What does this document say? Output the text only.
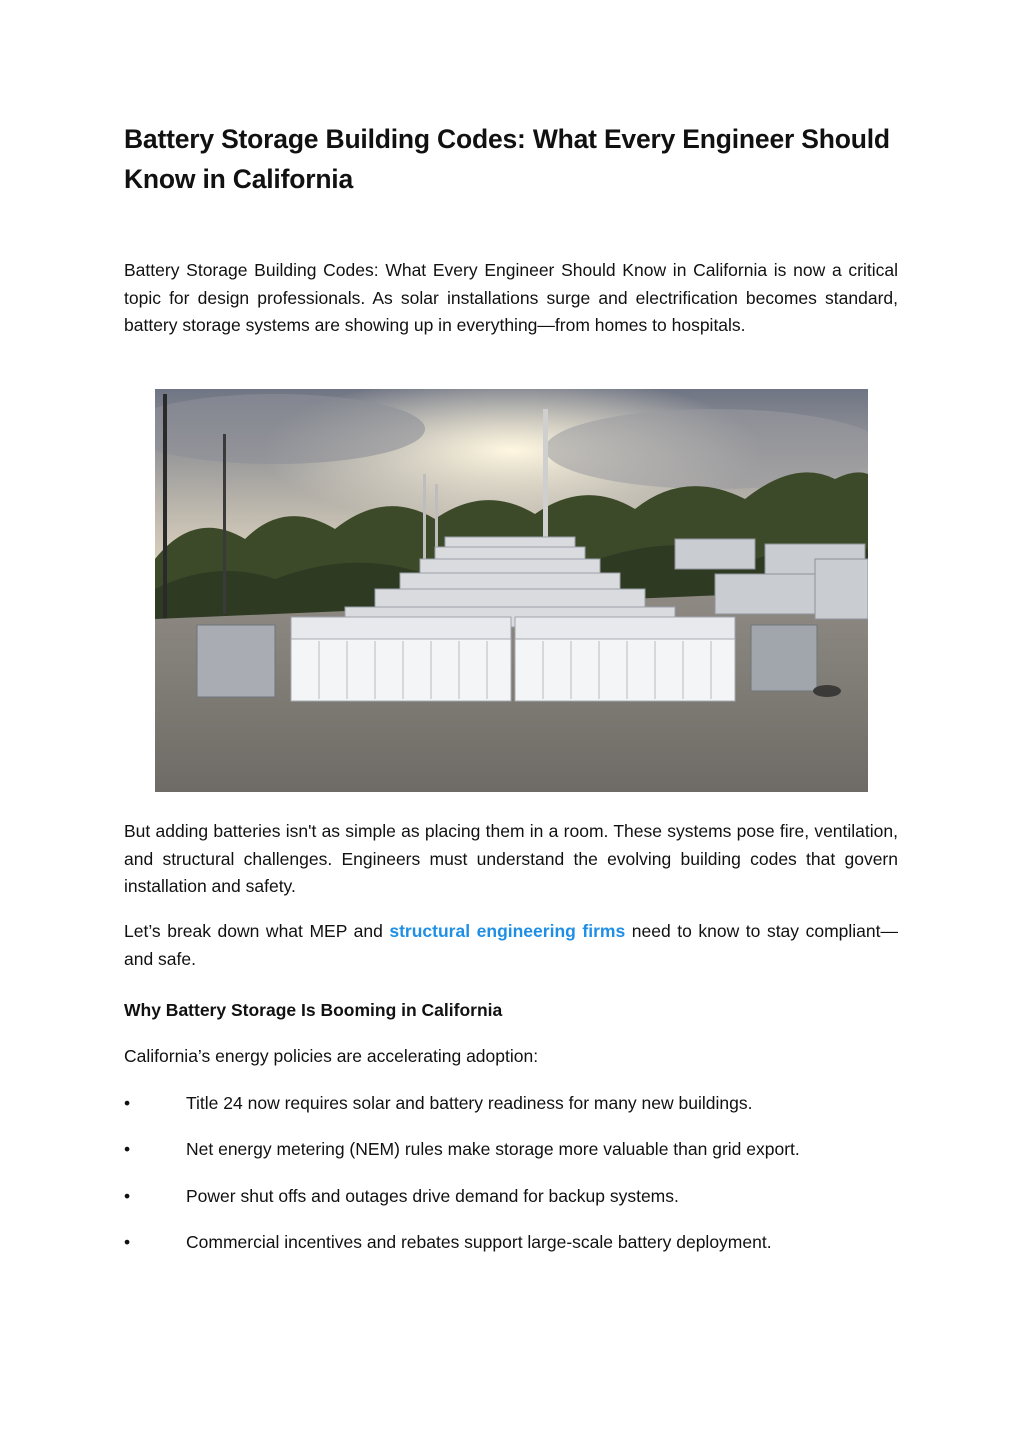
Battery Storage Building Codes: What Every Engineer Should Know in California

Battery Storage Building Codes: What Every Engineer Should Know in California is now a critical topic for design professionals. As solar installations surge and electrification becomes standard, battery storage systems are showing up in everything—from homes to hospitals.

But adding batteries isn't as simple as placing them in a room. These systems pose fire, ventilation, and structural challenges. Engineers must understand the evolving building codes that govern installation and safety.

Let’s break down what MEP and structural engineering firms need to know to stay compliant—and safe.

Why Battery Storage Is Booming in California

California’s energy policies are accelerating adoption:

•	Title 24 now requires solar and battery readiness for many new buildings.
•	Net energy metering (NEM) rules make storage more valuable than grid export.
•	Power shut offs and outages drive demand for backup systems.
•	Commercial incentives and rebates support large-scale battery deployment.
